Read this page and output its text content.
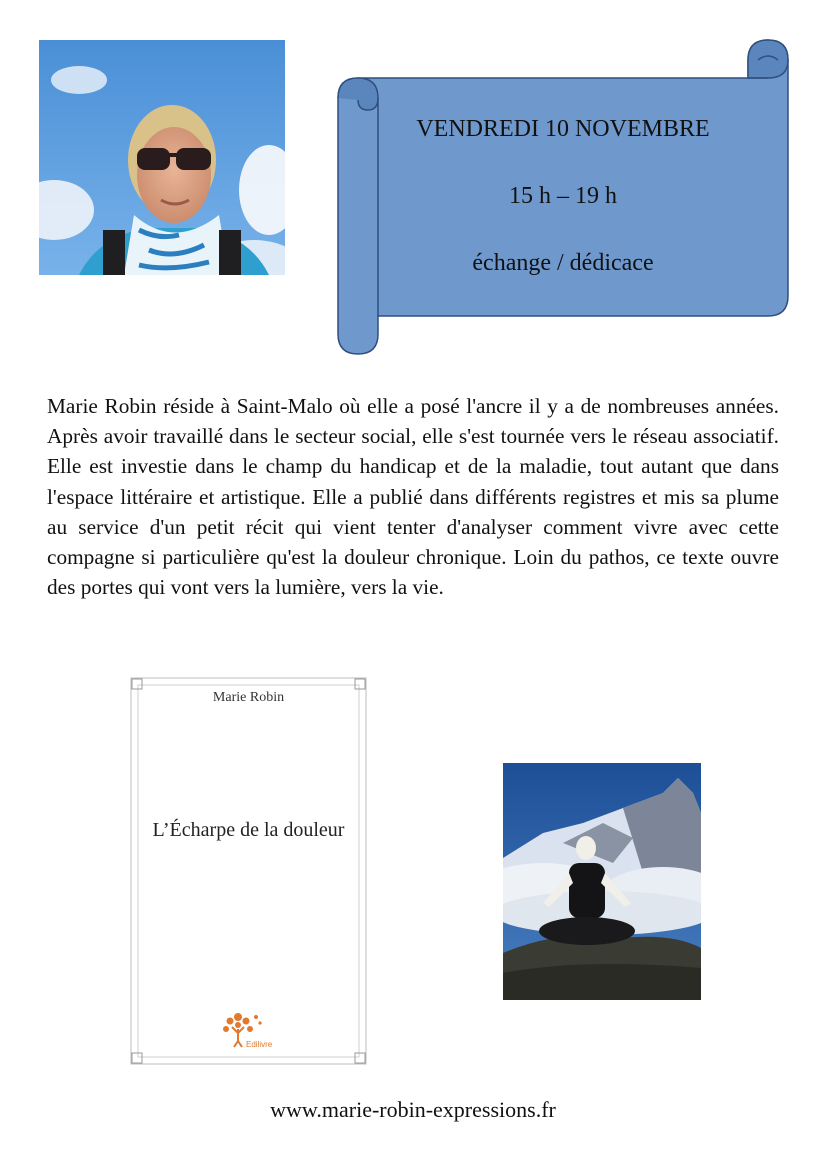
VENDREDI 10 NOVEMBRE
15 h – 19 h
échange / dédicace

Marie Robin réside à Saint-Malo où elle a posé l'ancre il y a de nombreuses années. Après avoir travaillé dans le secteur social, elle s'est tournée vers le réseau associatif. Elle est investie dans le champ du handicap et de la maladie, tout autant que dans l'espace littéraire et artistique. Elle a publié dans différents registres et mis sa plume au service d'un petit récit qui vient tenter d'analyser comment vivre avec cette compagne si particulière qu'est la douleur chronique. Loin du pathos, ce texte ouvre des portes qui vont vers la lumière, vers la vie.

Marie Robin
L’Écharpe de la douleur
Edilivre
www.marie-robin-expressions.fr
